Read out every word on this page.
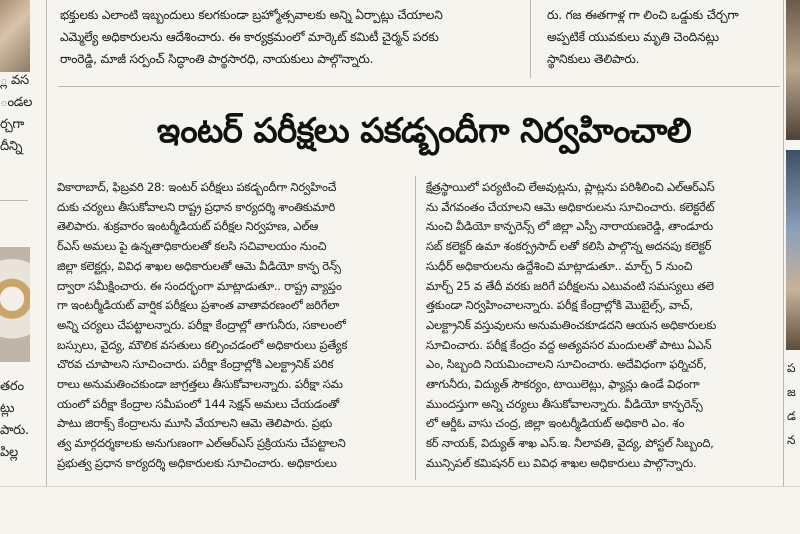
్ల వస
ండల
ర్చగా
దీన్ని
తరం
ట్లు
పారు.
పిల్ల

భక్తులకు ఎలాంటి ఇబ్బందులు కలగకుండా బ్రహ్మోత్సవాలకు అన్ని ఏర్పాట్లు చేయాలని

ఎమ్మెల్యే అధికారులను ఆదేశించారు. ఈ కార్యక్రమంలో మార్కెట్ కమిటీ చైర్మన్ పరకు

రాంరెడ్డి, మాజీ సర్పంచ్ సిద్ధాంతి పార్థసారధి, నాయకులు పాల్గొన్నారు.

రు. గజ ఈతగాళ్ల గా లించి ఒడ్డుకు చేర్చగా

అప్పటికే యువకులు మృతి చెందినట్లు

స్థానికులు తెలిపారు.

ప
జ
డ
న
ఇంటర్ పరీక్షలు పకడ్బందీగా నిర్వహించాలి

వికారాబాద్, ఫిబ్రవరి 28: ఇంటర్ పరీక్షలు పకడ్బందీగా నిర్వహించే

దుకు చర్యలు తీసుకోవాలని రాష్ట్ర ప్రధాన కార్యదర్శి శాంతికుమారి

తెలిపారు. శుక్రవారం ఇంటర్మీడియట్ పరీక్షల నిర్వహణ, ఎల్ఆ

ర్ఎస్ అమలు పై ఉన్నతాధికారులతో కలసి సచివాలయం నుంచి

జిల్లా కలెక్టర్లు, వివిధ శాఖల అధికారులతో ఆమె వీడియో కాన్ఫ రెన్స్

ద్వారా సమీక్షించారు. ఈ సందర్భంగా మాట్లాడుతూ.. రాష్ట్ర వ్యాప్తం

గా ఇంటర్మీడియట్ వార్షిక పరీక్షలు ప్రశాంత వాతావరణంలో జరిగేలా

అన్ని చర్యలు చేపట్టాలన్నారు. పరీక్షా కేంద్రాల్లో తాగునీరు, సకాలంలో

బస్సులు, వైద్య, మౌలిక వసతులు కల్పించడంలో అధికారులు ప్రత్యేక

చొరవ చూపాలని సూచించారు. పరీక్షా కేంద్రాల్లోకి ఎలక్ట్రానిక్ పరిక

రాలు అనుమతించకుండా జాగ్రత్తలు తీసుకోవాలన్నారు. పరీక్షా సమ

యంలో పరీక్షా కేంద్రాల సమీపంలో 144 సెక్షన్ అమలు చేయడంతో

పాటు జిరాక్స్ కేంద్రాలను మూసి వేయాలని ఆమె తెలిపారు. ప్రభు

త్వ మార్గదర్శకాలకు అనుగుణంగా ఎల్ఆర్ఎస్ ప్రక్రియను చేపట్టాలని

ప్రభుత్వ ప్రధాన కార్యదర్శి అధికారులకు సూచించారు. అధికారులు

క్షేత్రస్థాయిలో పర్యటించి లేఅవుట్లను, ప్లాట్లను పరిశీలించి ఎల్ఆర్ఎస్

ను వేగవంతం చేయాలని ఆమె అధికారులను సూచించారు. కలెక్టరేట్

నుంచి వీడియో కాన్ఫరెన్స్ లో జిల్లా ఎస్పీ నారాయణరెడ్డి, తాండూరు

సబ్ కలెక్టర్ ఉమా శంకర్ప్రసాద్ లతో కలిసి పాల్గొన్న అదనపు కలెక్టర్

సుధీర్ అధికారులను ఉద్దేశించి మాట్లాడుతూ.. మార్చ్ 5 నుంచి

మార్చ్ 25 వ తేదీ వరకు జరిగే పరీక్షలను ఎటువంటి సమస్యలు తలె

త్తకుండా నిర్వహించాలన్నారు. పరీక్ష కేంద్రాల్లోకి మొబైల్స్, వాచ్,

ఎలక్ట్రానిక్ వస్తువులను అనుమతించకూడదని ఆయన అధికారులకు

సూచించారు. పరీక్ష కేంద్రం వద్ద అత్యవసర మందులతో పాటు ఏఎన్

ఎం, సిబ్బంది నియమించాలని సూచించారు. అదేవిధంగా ఫర్నిచర్,

తాగునీరు, విద్యుత్ సౌకర్యం, టాయిలెట్లు, ఫ్యాన్లు ఉండే విధంగా

ముందస్తుగా అన్ని చర్యలు తీసుకోవాలన్నారు. వీడియో కాన్ఫరెన్స్

లో ఆర్డీఓ వాసు చంద్ర, జిల్లా ఇంటర్మీడియట్ అధికారి ఎం. శం

కర్ నాయక్, విద్యుత్ శాఖ ఎస్.ఇ. నీలావతి, వైద్య, పోస్టల్ సిబ్బంది,

మున్సిపల్ కమిషనర్ లు వివిధ శాఖల అధికారులు పాల్గొన్నారు.
